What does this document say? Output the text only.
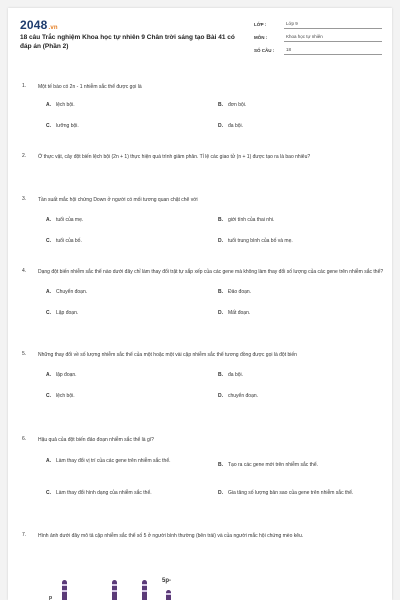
2048.vn
18 câu Trắc nghiệm Khoa học tự nhiên 9 Chân trời sáng tạo Bài 41 có đáp án (Phần 2)
LỚP :	Lớp 9
MÔN :	Khoa học tự nhiên
SỐ CÂU :	18
1. Một tế bào có 2n - 1 nhiễm sắc thể được gọi là
A. lệch bội.	B. đơn bội.
C. lưỡng bội.	D. đa bội.
2. Ở thực vật, cây đột biến lệch bội (2n + 1) thực hiện quá trình giảm phân. Tỉ lệ các giao tử (n + 1) được tạo ra là bao nhiêu?
3. Tần suất mắc hội chứng Down ở người có mối tương quan chặt chẽ với
A. tuổi của mẹ.	B. giới tính của thai nhi.
C. tuổi của bố.	D. tuổi trung bình của bố và mẹ.
4. Dạng đột biến nhiễm sắc thể nào dưới đây chỉ làm thay đổi trật tự sắp xếp của các gene mà không làm thay đổi số lượng của các gene trên nhiễm sắc thể?
A. Chuyển đoạn.	B. Đảo đoạn.
C. Lặp đoạn.	D. Mất đoạn.
5. Những thay đổi về số lượng nhiễm sắc thể của một hoặc một vài cặp nhiễm sắc thể tương đồng được gọi là đột biến
A. lặp đoạn.	B. đa bội.
C. lệch bội.	D. chuyển đoạn.
6. Hậu quả của đột biến đảo đoạn nhiễm sắc thể là gì?
A.	Làm thay đổi vị trí của các gene trên nhiễm sắc thể.
B.	Tạo ra các gene mới trên nhiễm sắc thể.
C.	Làm thay đổi hình dạng của nhiễm sắc thể.	D.	Gia tăng số lượng bản sao của gene trên nhiễm sắc thể.
7. Hình ảnh dưới đây mô tả cặp nhiễm sắc thể số 5 ở người bình thường (bên trái) và của người mắc hội chứng mèo kêu.
p
5p-
